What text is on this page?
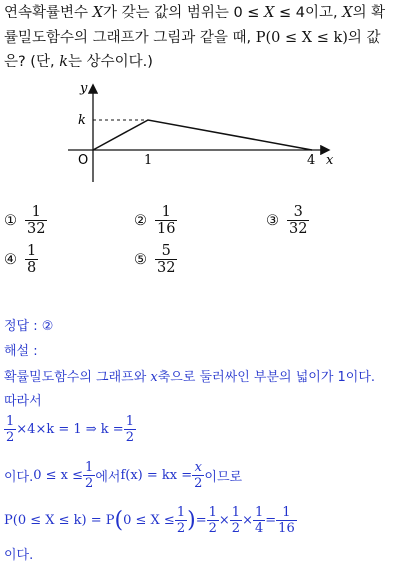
연속확률변수 X가 갖는 값의 범위는 0 ≤ X ≤ 4이고, X의 확
률밀도함수의 그래프가 그림과 같을 때, P(0 ≤ X ≤ k)의 값
은? (단, k는 상수이다.)
y
k
O	1	4 x
① $\frac{1}{32}$	② $\frac{1}{16}$	③ $\frac{3}{32}$
④ $\frac{1}{8}$	⑤ $\frac{5}{32}$
정답 : ②
해설 :
확률밀도함수의 그래프와 x축으로 둘러싸인 부분의 넓이가 1이다.
따라서
$\frac{1}{2} \times 4\times k = 1$ ⇒ $k = \frac{1}{2}$
이다. $0 \le x \le \frac{1}{2}$ 에서 f(x) = kx = $\frac{x}{2}$ 이므로
P(0 ≤ X ≤ k) = P ( $0 \le X \le \frac{1}{2}$ ) = $\frac{1}{2} \times \frac{1}{2} \times \frac{1}{4} = \frac{1}{16}$
이다.
